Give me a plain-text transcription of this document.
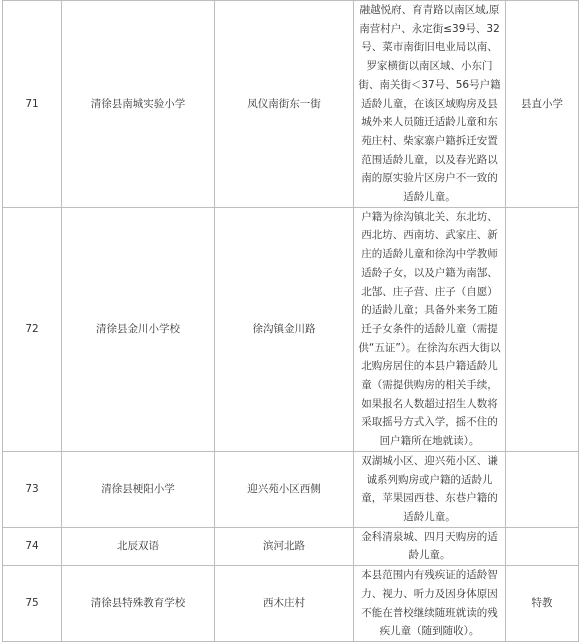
71	清徐县南城实验小学	凤仪南街东一街	融越悦府、育青路以南区域,原南营村户、永定街≤39号、32号、菜市南街旧电业局以南、罗家横街以南区域、小东门街、南关街＜37号、56号户籍适龄儿童，在该区域购房及县城外来人员随迁适龄儿童和东苑庄村、柴家寨户籍拆迁安置范围适龄儿童，以及春光路以南的原实验片区房户不一致的适龄儿童。	县直小学
72	清徐县金川小学校	徐沟镇金川路	户籍为徐沟镇北关、东北坊、西北坊、西南坊、武家庄、新庄的适龄儿童和徐沟中学教师适龄子女，以及户籍为南郜、北郜、庄子营、庄子（自愿）的适龄儿童；具备外来务工随迁子女条件的适龄儿童（需提供“五证”）。在徐沟东西大街以北购房居住的本县户籍适龄儿童（需提供购房的相关手续，如果报名人数超过招生人数将采取摇号方式入学，摇不住的回户籍所在地就读）。	

73	清徐县梗阳小学	迎兴苑小区西侧	双湖城小区、迎兴苑小区、谦诚系列购房或户籍的适龄儿童，苹果园西巷、东巷户籍的适龄儿童。	

74	北辰双语	滨河北路	金科清泉城、四月天购房的适龄儿童。	

75	清徐县特殊教育学校	西木庄村	本县范围内有残疾证的适龄智力、视力、听力及因身体原因不能在普校继续随班就读的残疾儿童（随到随收）。	特教
